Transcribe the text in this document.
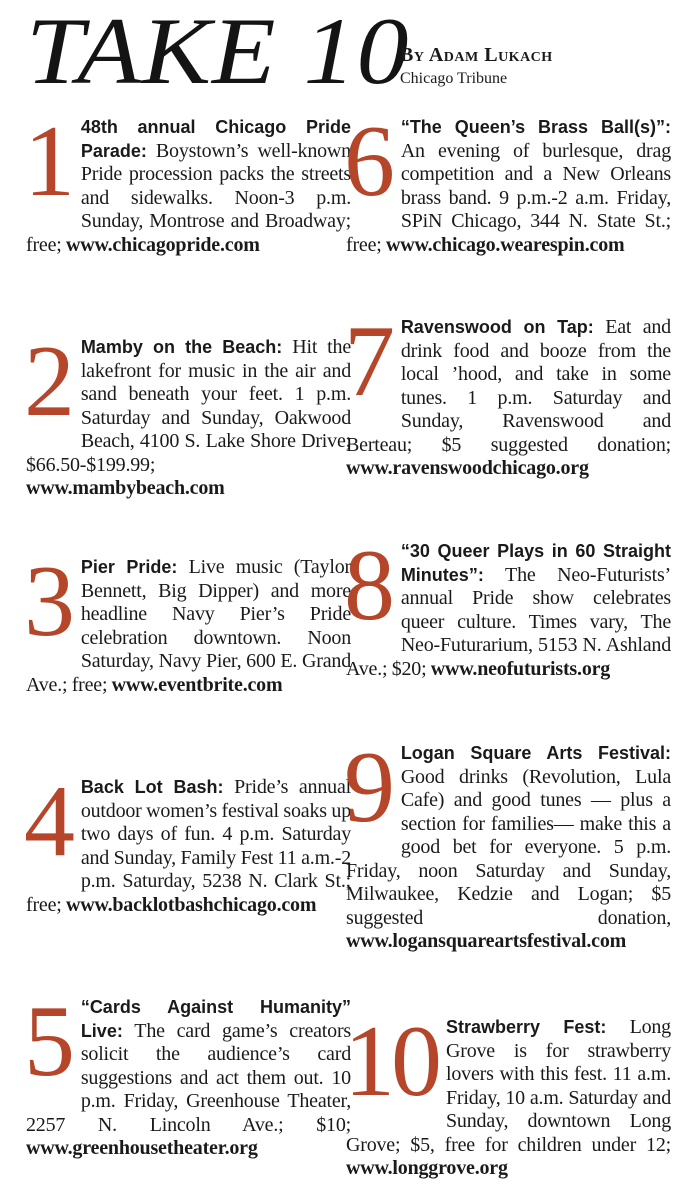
TAKE 10
By Adam Lukach
Chicago Tribune

1 48th annual Chicago Pride Parade: Boystown’s well-known Pride procession packs the streets and sidewalks. Noon-3 p.m. Sunday, Montrose and Broadway; free; www.chicagopride.com

2 Mamby on the Beach: Hit the lakefront for music in the air and sand beneath your feet. 1 p.m. Saturday and Sunday, Oakwood Beach, 4100 S. Lake Shore Drive; $66.50-$199.99; www.mambybeach.com

3 Pier Pride: Live music (Taylor Bennett, Big Dipper) and more headline Navy Pier’s Pride celebration downtown. Noon Saturday, Navy Pier, 600 E. Grand Ave.; free; www.eventbrite.com

4 Back Lot Bash: Pride’s annual outdoor women’s festival soaks up two days of fun. 4 p.m. Saturday and Sunday, Family Fest 11 a.m.-2 p.m. Saturday, 5238 N. Clark St.; free; www.backlotbashchicago.com

5 “Cards Against Humanity” Live: The card game’s creators solicit the audience’s card suggestions and act them out. 10 p.m. Friday, Greenhouse Theater, 2257 N. Lincoln Ave.; $10; www.greenhousetheater.org

6 “The Queen’s Brass Ball(s)”: An evening of burlesque, drag competition and a New Orleans brass band. 9 p.m.-2 a.m. Friday, SPiN Chicago, 344 N. State St.; free; www.chicago.wearespin.com

7 Ravenswood on Tap: Eat and drink food and booze from the local ’hood, and take in some tunes. 1 p.m. Saturday and Sunday, Ravenswood and Berteau; $5 suggested donation; www.ravenswoodchicago.org

8 “30 Queer Plays in 60 Straight Minutes”: The Neo-Futurists’ annual Pride show celebrates queer culture. Times vary, The Neo-Futurarium, 5153 N. Ashland Ave.; $20; www.neofuturists.org

9 Logan Square Arts Festival: Good drinks (Revolution, Lula Cafe) and good tunes — plus a section for families— make this a good bet for everyone. 5 p.m. Friday, noon Saturday and Sunday, Milwaukee, Kedzie and Logan; $5 suggested donation, www.logansquareartsfestival.com

10 Strawberry Fest: Long Grove is for strawberry lovers with this fest. 11 a.m. Friday, 10 a.m. Saturday and Sunday, downtown Long Grove; $5, free for children under 12; www.longgrove.org
